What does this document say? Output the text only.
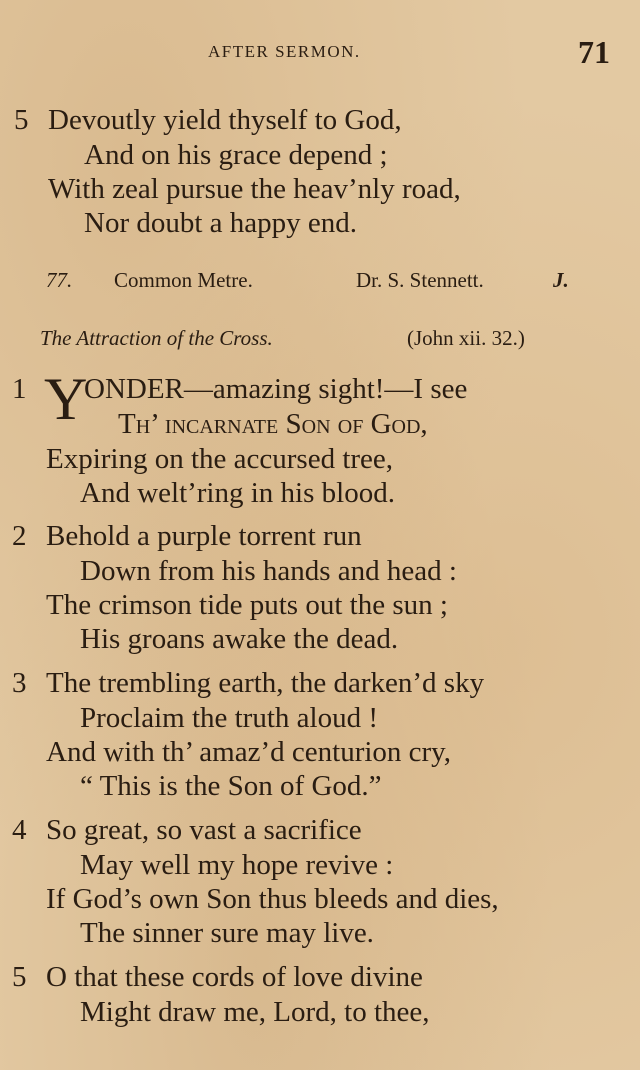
AFTER SERMON.	71
5 Devoutly yield thyself to God,
And on his grace depend ;
With zeal pursue the heav’nly road,
Nor doubt a happy end.
77. Common Metre.	Dr. S. Stennett.	J.
The Attraction of the Cross.	(John xii. 32.)
1 Y
ONDER—amazing sight!—I see
Th’ incarnate Son of God,
Expiring on the accursed tree,
And welt’ring in his blood.
2 Behold a purple torrent run
Down from his hands and head :
The crimson tide puts out the sun ;
His groans awake the dead.
3 The trembling earth, the darken’d sky
Proclaim the truth aloud !
And with th’ amaz’d centurion cry,
“ This is the Son of God.”
4 So great, so vast a sacrifice
May well my hope revive :
If God’s own Son thus bleeds and dies,
The sinner sure may live.
5 O that these cords of love divine
Might draw me, Lord, to thee,
